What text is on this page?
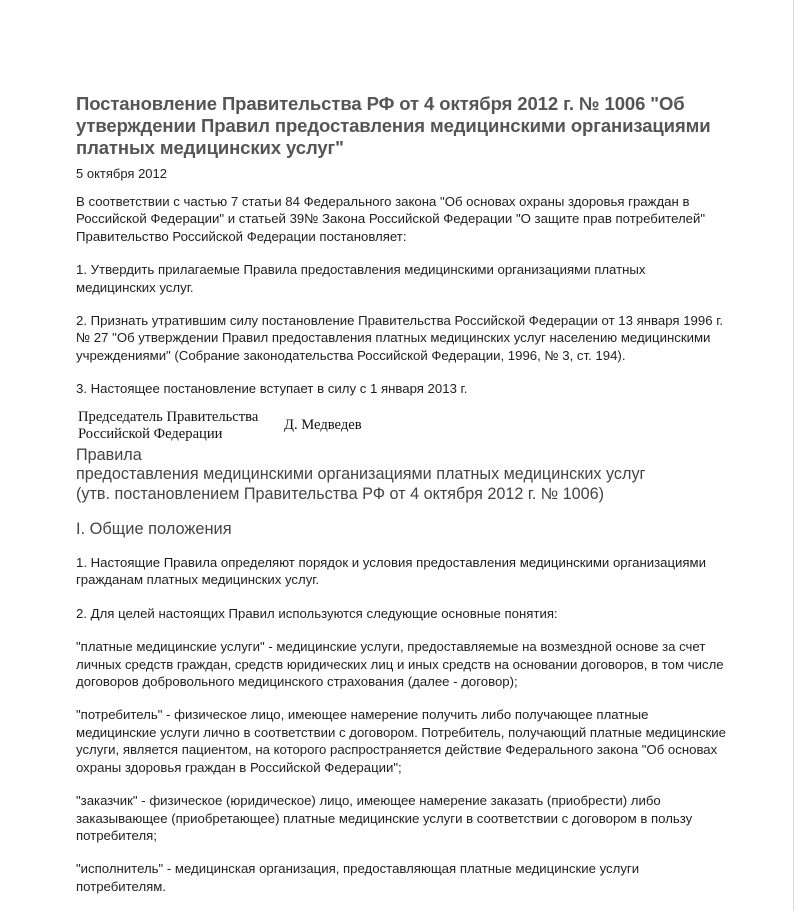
Постановление Правительства РФ от 4 октября 2012 г. № 1006 "Об утверждении Правил предоставления медицинскими организациями платных медицинских услуг"
5 октября 2012

В соответствии с частью 7 статьи 84 Федерального закона "Об основах охраны здоровья граждан в Российской Федерации" и статьей 39№ Закона Российской Федерации "О защите прав потребителей" Правительство Российской Федерации постановляет:

1. Утвердить прилагаемые Правила предоставления медицинскими организациями платных медицинских услуг.

2. Признать утратившим силу постановление Правительства Российской Федерации от 13 января 1996 г. № 27 "Об утверждении Правил предоставления платных медицинских услуг населению медицинскими учреждениями" (Собрание законодательства Российской Федерации, 1996, № 3, ст. 194).

3. Настоящее постановление вступает в силу с 1 января 2013 г.

Председатель Правительства
Российской Федерации
Д. Медведев
Правила
предоставления медицинскими организациями платных медицинских услуг
(утв. постановлением Правительства РФ от 4 октября 2012 г. № 1006)
I. Общие положения

1. Настоящие Правила определяют порядок и условия предоставления медицинскими организациями гражданам платных медицинских услуг.

2. Для целей настоящих Правил используются следующие основные понятия:

"платные медицинские услуги" - медицинские услуги, предоставляемые на возмездной основе за счет личных средств граждан, средств юридических лиц и иных средств на основании договоров, в том числе договоров добровольного медицинского страхования (далее - договор);

"потребитель" - физическое лицо, имеющее намерение получить либо получающее платные медицинские услуги лично в соответствии с договором. Потребитель, получающий платные медицинские услуги, является пациентом, на которого распространяется действие Федерального закона "Об основах охраны здоровья граждан в Российской Федерации";

"заказчик" - физическое (юридическое) лицо, имеющее намерение заказать (приобрести) либо заказывающее (приобретающее) платные медицинские услуги в соответствии с договором в пользу потребителя;

"исполнитель" - медицинская организация, предоставляющая платные медицинские услуги потребителям.
